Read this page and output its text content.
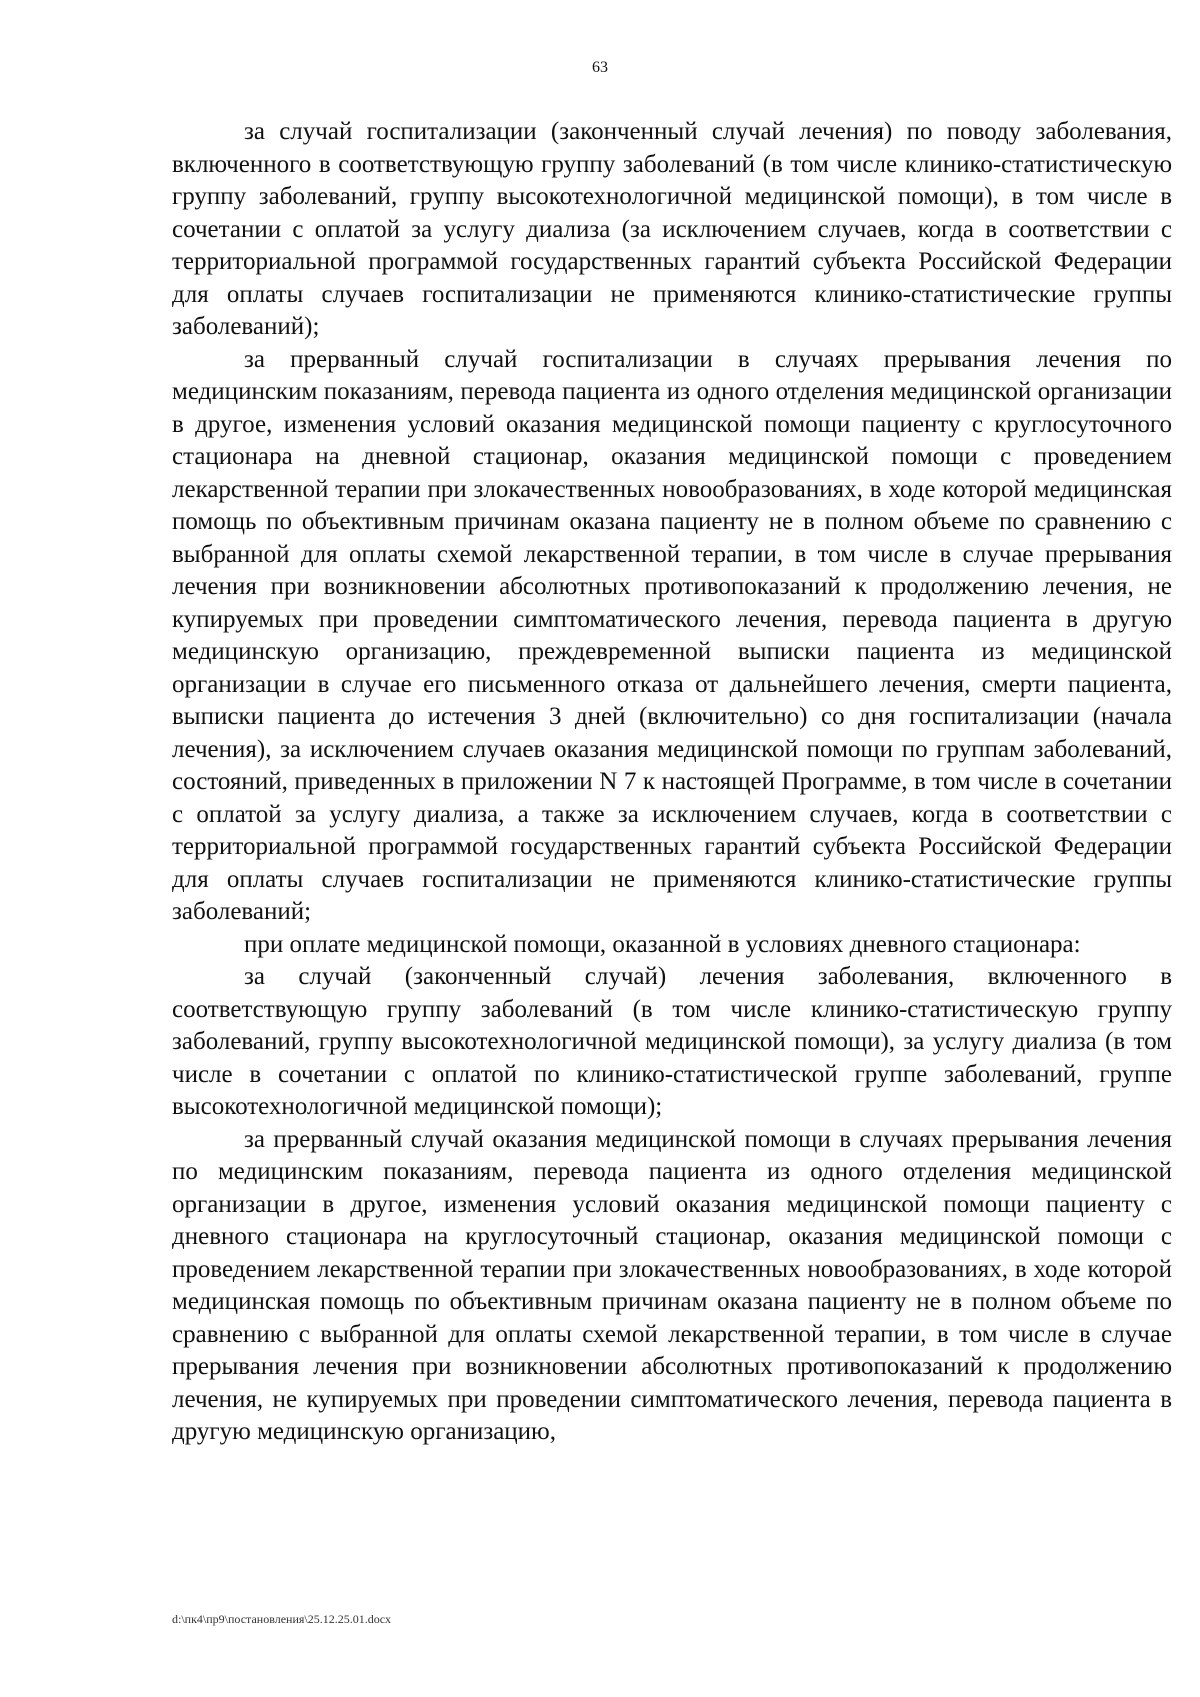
63

за случай госпитализации (законченный случай лечения) по поводу заболевания, включенного в соответствующую группу заболеваний (в том числе клинико-статистическую группу заболеваний, группу высокотехнологичной медицинской помощи), в том числе в сочетании с оплатой за услугу диализа (за исключением случаев, когда в соответствии с территориальной программой государственных гарантий субъекта Российской Федерации для оплаты случаев госпитализации не применяются клинико-статистические группы заболеваний);

за прерванный случай госпитализации в случаях прерывания лечения по медицинским показаниям, перевода пациента из одного отделения медицинской организации в другое, изменения условий оказания медицинской помощи пациенту с круглосуточного стационара на дневной стационар, оказания медицинской помощи с проведением лекарственной терапии при злокачественных новообразованиях, в ходе которой медицинская помощь по объективным причинам оказана пациенту не в полном объеме по сравнению с выбранной для оплаты схемой лекарственной терапии, в том числе в случае прерывания лечения при возникновении абсолютных противопоказаний к продолжению лечения, не купируемых при проведении симптоматического лечения, перевода пациента в другую медицинскую организацию, преждевременной выписки пациента из медицинской организации в случае его письменного отказа от дальнейшего лечения, смерти пациента, выписки пациента до истечения 3 дней (включительно) со дня госпитализации (начала лечения), за исключением случаев оказания медицинской помощи по группам заболеваний, состояний, приведенных в приложении N 7 к настоящей Программе, в том числе в сочетании с оплатой за услугу диализа, а также за исключением случаев, когда в соответствии с территориальной программой государственных гарантий субъекта Российской Федерации для оплаты случаев госпитализации не применяются клинико-статистические группы заболеваний;

при оплате медицинской помощи, оказанной в условиях дневного стационара:

за случай (законченный случай) лечения заболевания, включенного в соответствующую группу заболеваний (в том числе клинико-статистическую группу заболеваний, группу высокотехнологичной медицинской помощи), за услугу диализа (в том числе в сочетании с оплатой по клинико-статистической группе заболеваний, группе высокотехнологичной медицинской помощи);

за прерванный случай оказания медицинской помощи в случаях прерывания лечения по медицинским показаниям, перевода пациента из одного отделения медицинской организации в другое, изменения условий оказания медицинской помощи пациенту с дневного стационара на круглосуточный стационар, оказания медицинской помощи с проведением лекарственной терапии при злокачественных новообразованиях, в ходе которой медицинская помощь по объективным причинам оказана пациенту не в полном объеме по сравнению с выбранной для оплаты схемой лекарственной терапии, в том числе в случае прерывания лечения при возникновении абсолютных противопоказаний к продолжению лечения, не купируемых при проведении симптоматического лечения, перевода пациента в другую медицинскую организацию,

d:\пк4\пр9\постановления\25.12.25.01.docx
